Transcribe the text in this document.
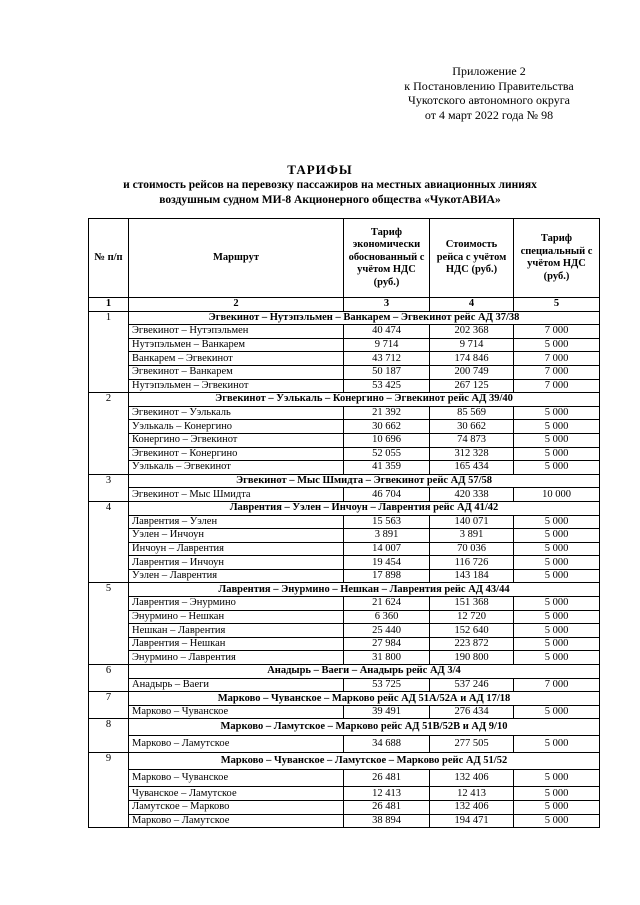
Приложение 2
к Постановлению Правительства
Чукотского автономного округа
от 4 март 2022 года № 98
ТАРИФЫ
и стоимость рейсов на перевозку пассажиров на местных авиационных линиях
воздушным судном МИ-8 Акционерного общества «ЧукотАВИА»
№ п/п	Маршрут	Тариф экономически обоснованный с учётом НДС (руб.)	Стоимость рейса с учётом НДС (руб.)	Тариф специальный с учётом НДС (руб.)
1	2	3	4	5
1	Эгвекинот – Нутэпэльмен – Ванкарем – Эгвекинот рейс АД 37/38			
	Эгвекинот – Нутэпэльмен	40 474	202 368	7 000
	Нутэпэльмен – Ванкарем	9 714	9 714	5 000
	Ванкарем – Эгвекинот	43 712	174 846	7 000
	Эгвекинот – Ванкарем	50 187	200 749	7 000
	Нутэпэльмен – Эгвекинот	53 425	267 125	7 000
2	Эгвекинот – Уэлькаль – Конергино – Эгвекинот рейс АД 39/40			
	Эгвекинот – Уэлькаль	21 392	85 569	5 000
	Уэлькаль – Конергино	30 662	30 662	5 000
	Конергино – Эгвекинот	10 696	74 873	5 000
	Эгвекинот – Конергино	52 055	312 328	5 000
	Уэлькаль – Эгвекинот	41 359	165 434	5 000
3	Эгвекинот – Мыс Шмидта – Эгвекинот рейс АД 57/58			
	Эгвекинот – Мыс Шмидта	46 704	420 338	10 000
4	Лаврентия – Уэлен – Инчоун – Лаврентия рейс АД 41/42			
	Лаврентия – Уэлен	15 563	140 071	5 000
	Уэлен – Инчоун	3 891	3 891	5 000
	Инчоун – Лаврентия	14 007	70 036	5 000
	Лаврентия – Инчоун	19 454	116 726	5 000
	Уэлен – Лаврентия	17 898	143 184	5 000
5	Лаврентия – Энурмино – Нешкан – Лаврентия рейс АД 43/44			
	Лаврентия – Энурмино	21 624	151 368	5 000
	Энурмино – Нешкан	6 360	12 720	5 000
	Нешкан – Лаврентия	25 440	152 640	5 000
	Лаврентия – Нешкан	27 984	223 872	5 000
	Энурмино – Лаврентия	31 800	190 800	5 000
6	Анадырь – Ваеги – Анадырь рейс АД 3/4			
	Анадырь – Ваеги	53 725	537 246	7 000
7	Марково – Чуванское – Марково рейс АД 51А/52А и АД 17/18			
	Марково – Чуванское	39 491	276 434	5 000
8	Марково – Ламутское – Марково рейс АД 51В/52В и АД 9/10			
	Марково – Ламутское	34 688	277 505	5 000
9	Марково – Чуванское – Ламутское – Марково рейс АД 51/52			
	Марково – Чуванское	26 481	132 406	5 000
	Чуванское – Ламутское	12 413	12 413	5 000
	Ламутское – Марково	26 481	132 406	5 000
	Марково – Ламутское	38 894	194 471	5 000
